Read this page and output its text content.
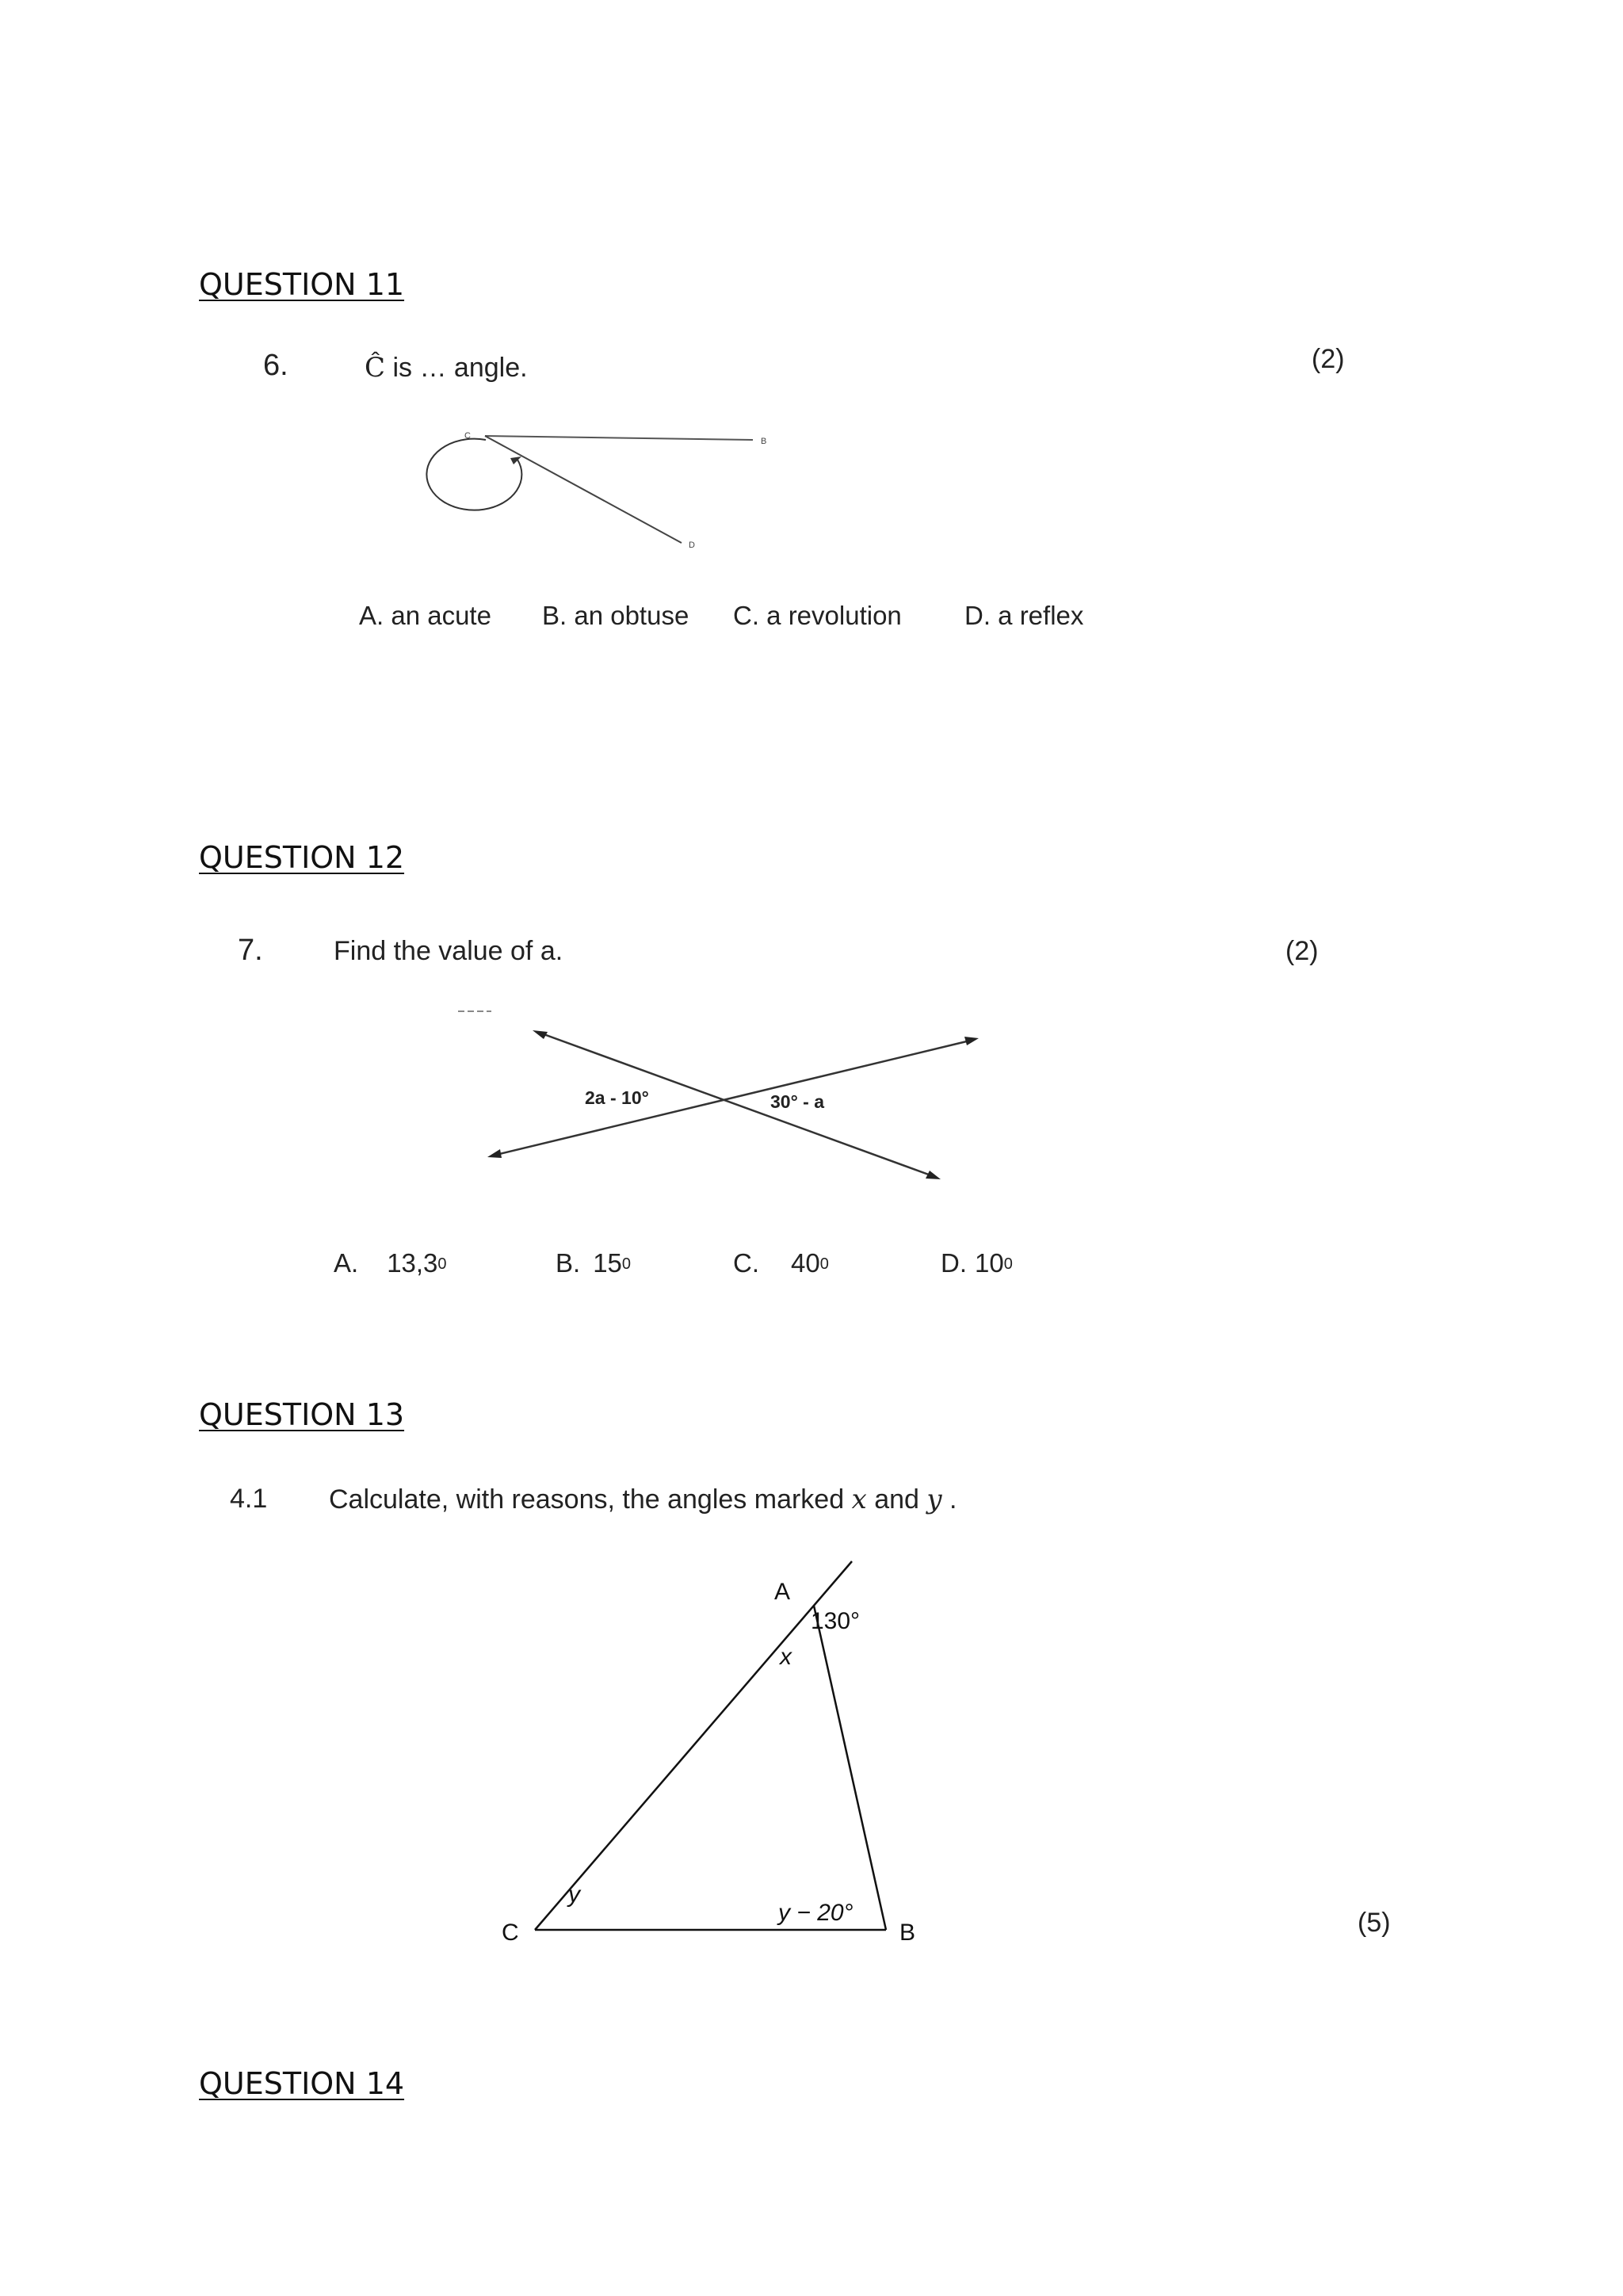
QUESTION 11
6.	Ĉ is … angle.	(2)
C
B
D
A. an acute B. an obtuse C. a revolution D. a reflex
QUESTION 12
7.	Find the value of a.	(2)
2a - 10°	30° - a
A. 13,3$^0$	B. $15^0$	C. $40^0$	D. $10^0$
QUESTION 13
4.1 Calculate, with reasons, the angles marked x and y .
(5)
A
B
C
130°
x
y
y − 20°
QUESTION 14
